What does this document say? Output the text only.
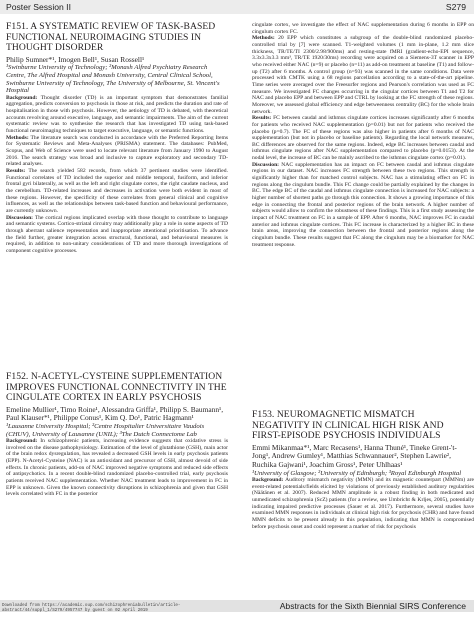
Poster Session II	S279
F151. A SYSTEMATIC REVIEW OF TASK-BASED FUNCTIONAL NEUROIMAGING STUDIES IN THOUGHT DISORDER
Philip Sumner*¹, Imogen Bell¹, Susan Rossell¹
¹Swinburne University of Technology; ²Monash Alfred Psychiatry Research Centre, The Alfred Hospital and Monash University, Central Clinical School, Swinburne University of Technology, The University of Melbourne, St. Vincent's Hospital
Background: Thought disorder (TD) is an important symptom that demonstrates familial aggregation, predicts conversion to psychosis in those at risk, and predicts the duration and rate of hospitalisation in those with psychosis. However, the aetiology of TD is debated, with theoretical accounts revolving around executive, language, and semantic impairments. The aim of the current systematic review was to synthesise the research that has investigated TD using task-based functional neuroimaging techniques to target executive, language, or semantic functions.
Methods: The literature search was conducted in accordance with the Preferred Reporting Items for Systematic Reviews and Meta-Analyses (PRISMA) statement. The databases: PubMed, Scopus, and Web of Science were used to locate relevant literature from January 1990 to August 2016. The search strategy was broad and inclusive to capture exploratory and secondary TD-related analyses.
Results: The search yielded 582 records, from which 37 pertinent studies were identified. Functional correlates of TD included the superior and middle temporal, fusiform, and inferior frontal gyri bilaterally, as well as the left and right cingulate cortex, the right caudate nucleus, and the cerebellum. TD-related increases and decreases in activation were both evident in most of these regions. However, the specificity of these correlates from general clinical and cognitive influences, as well as the relationships between task-based function and behavioural performance, are currently unknown.
Discussion: The cortical regions implicated overlap with those thought to contribute to language and semantic systems. Cortico-striatal circuitry may additionally play a role in some aspects of TD through aberrant salience representation and inappropriate attentional prioritisation. To advance the field further, greater integration across structural, functional, and behavioural measures is required, in addition to non-unitary considerations of TD and more thorough investigations of component cognitive processes.
F152. N-ACETYL-CYSTEINE SUPPLEMENTATION IMPROVES FUNCTIONAL CONNECTIVITY IN THE CINGULATE CORTEX IN EARLY PSYCHOSIS
Emeline Mullier¹, Timo Roine¹, Alessandra Griffa¹, Philipp S. Baumann¹, Paul Klauser*¹, Philippe Conus¹, Kim Q. Do¹, Patric Hagmann¹
¹Lausanne University Hospital; ²Centre Hospitalier Universitaire Vaudois (CHUV), University of Lausanne (UNIL); ³The Dutch Connectome Lab
Background: In schizophrenic patients, increasing evidence suggests that oxidative stress is involved on the disease pathophysiology. Estimation of the level of glutathione (GSH), main actor of the brain redox dysregulation, has revealed a decreased GSH levels in early psychosis patients (EPP). N-Acetyl-Cysteine (NAC) is an antioxidant and precursor of GSH, almost devoid of side effects. In chronic patients, add-on of NAC improved negative symptoms and reduced side effects of antipsychotics. In a recent double-blind randomized placebo-controlled trial, early psychosis patients received NAC supplementation. Whether NAC treatment leads to improvement in FC in EPP is unknown. Given the known connectivity disruptions in schizophrenia and given that GSH levels correlated with FC in the posterior
cingulate cortex, we investigate the effect of NAC supplementation during 6 months in EPP on cingulum cortex FC.
Methods: 20 EPP which constitutes a subgroup of the double-blind randomized placebo-controlled trial by [7] were scanned. T1-weighted volumes (1 mm in-plane, 1.2 mm slice thickness, TR/TE/TI 2300/2.98/900ms) and resting-state fMRI (gradient-echo-EPI sequence, 3.3x3.3x3.3 mm³, TR/TE 1920/30ms) recording were acquired on a Siemens-3T scanner in EPP who received either NAC (n=9) or placebo (n=11) as add-on treatment at baseline (T1) and follow-up (T2) after 6 months. A control group (n=93) was scanned in the same conditions. Data were processed with CMTK using a 68 regions parcellation according to a state-of-the-art pipeline. Time series were averaged over the Freesurfer regions and Pearson's correlation was used as FC measure. We investigated FC changes occurring in the cingular cortices between T1 and T2 for NAC and placebo EPP and between EPP and CTRL by looking at the FC strength of these regions. Moreover, we assessed global efficiency and edge betweenness centrality (BC) for the whole brain network.
Results: FC between caudal and isthmus cingulate cortices increases significantly after 6 months for patients who received NAC supplementation (p=0.01) but not for patients who received the placebo (p=0.7). The FC of these regions was also higher in patients after 6 months of NAC supplementation (but not in placebo or baseline patients). Regarding the local network measures, BC differences are observed for the same regions. Indeed, edge BC increases between caudal and isthmus cingulate regions after NAC supplementation compared to placebo (p=0.0153). At the nodal level, the increase of BC can be mainly ascribed to the isthmus cingulate cortex (p=0.01).
Discussion: NAC supplementation has an impact on FC between caudal and isthmus cingulate regions in our dataset. NAC increases FC strength between these two regions. This strength is significantly higher than for matched control subjects. NAC has a stimulating effect on FC in regions along the cingulum bundle. This FC change could be partially explained by the changes in BC. The edge BC of the caudal and isthmus cingulate connection is increased for NAC subjects: a higher number of shortest paths go through this connection. It shows a growing importance of this edge in connecting the frontal and posterior regions of the brain network. A higher number of subjects would allow to confirm the robustness of these findings. This is a first study assessing the impact of NAC treatment on FC in a sample of EPP. After 6 months, NAC improves FC in caudal anterior and isthmus cingulate cortices. This FC increase is characterized by a higher BC in these brain areas, improving the connection between the frontal and posterior regions along the cingulum bundle. These results suggest that FC along the cingulum may be a biomarker for NAC treatment response.
F153. NEUROMAGNETIC MISMATCH NEGATIVITY IN CLINICAL HIGH RISK AND FIRST-EPISODE PSYCHOSIS INDIVIDUALS
Emmi Mikanmaa*¹, Marc Recasens¹, Hanna Thuné¹, Tineke Grent-'t-Jong¹, Andrew Gumley¹, Matthias Schwannauer², Stephen Lawrie², Ruchika Gajwani¹, Joachim Gross¹, Peter Uhlhaas¹
¹University of Glasgow; ²University of Edinburgh; ³Royal Edinburgh Hospital
Background: Auditory mismatch negativity (MMN) and its magnetic counterpart (MMNm) are event-related potentials/fields elicited by violations of previously established auditory regularities (Näätänen et al. 2007). Reduced MMN amplitude is a robust finding in both medicated and unmedicated schizophrenia (ScZ) patients (for a review, see Umbricht & Krljes, 2005), potentially indicating impaired predictive processes (Sauer et al. 2017). Furthermore, several studies have examined MMN responses in individuals at clinical high risk for psychosis (CHR) and have found MMN deficits to be present already in this population, indicating that MMN is compromised before psychosis onset and could represent a marker of risk for psychosis
Abstracts for the Sixth Biennial SIRS Conference
Downloaded from https://academic.oup.com/schizophreniabulletin/article-abstract/44/suppl_1/S279/4957747 by guest on 02 April 2019
